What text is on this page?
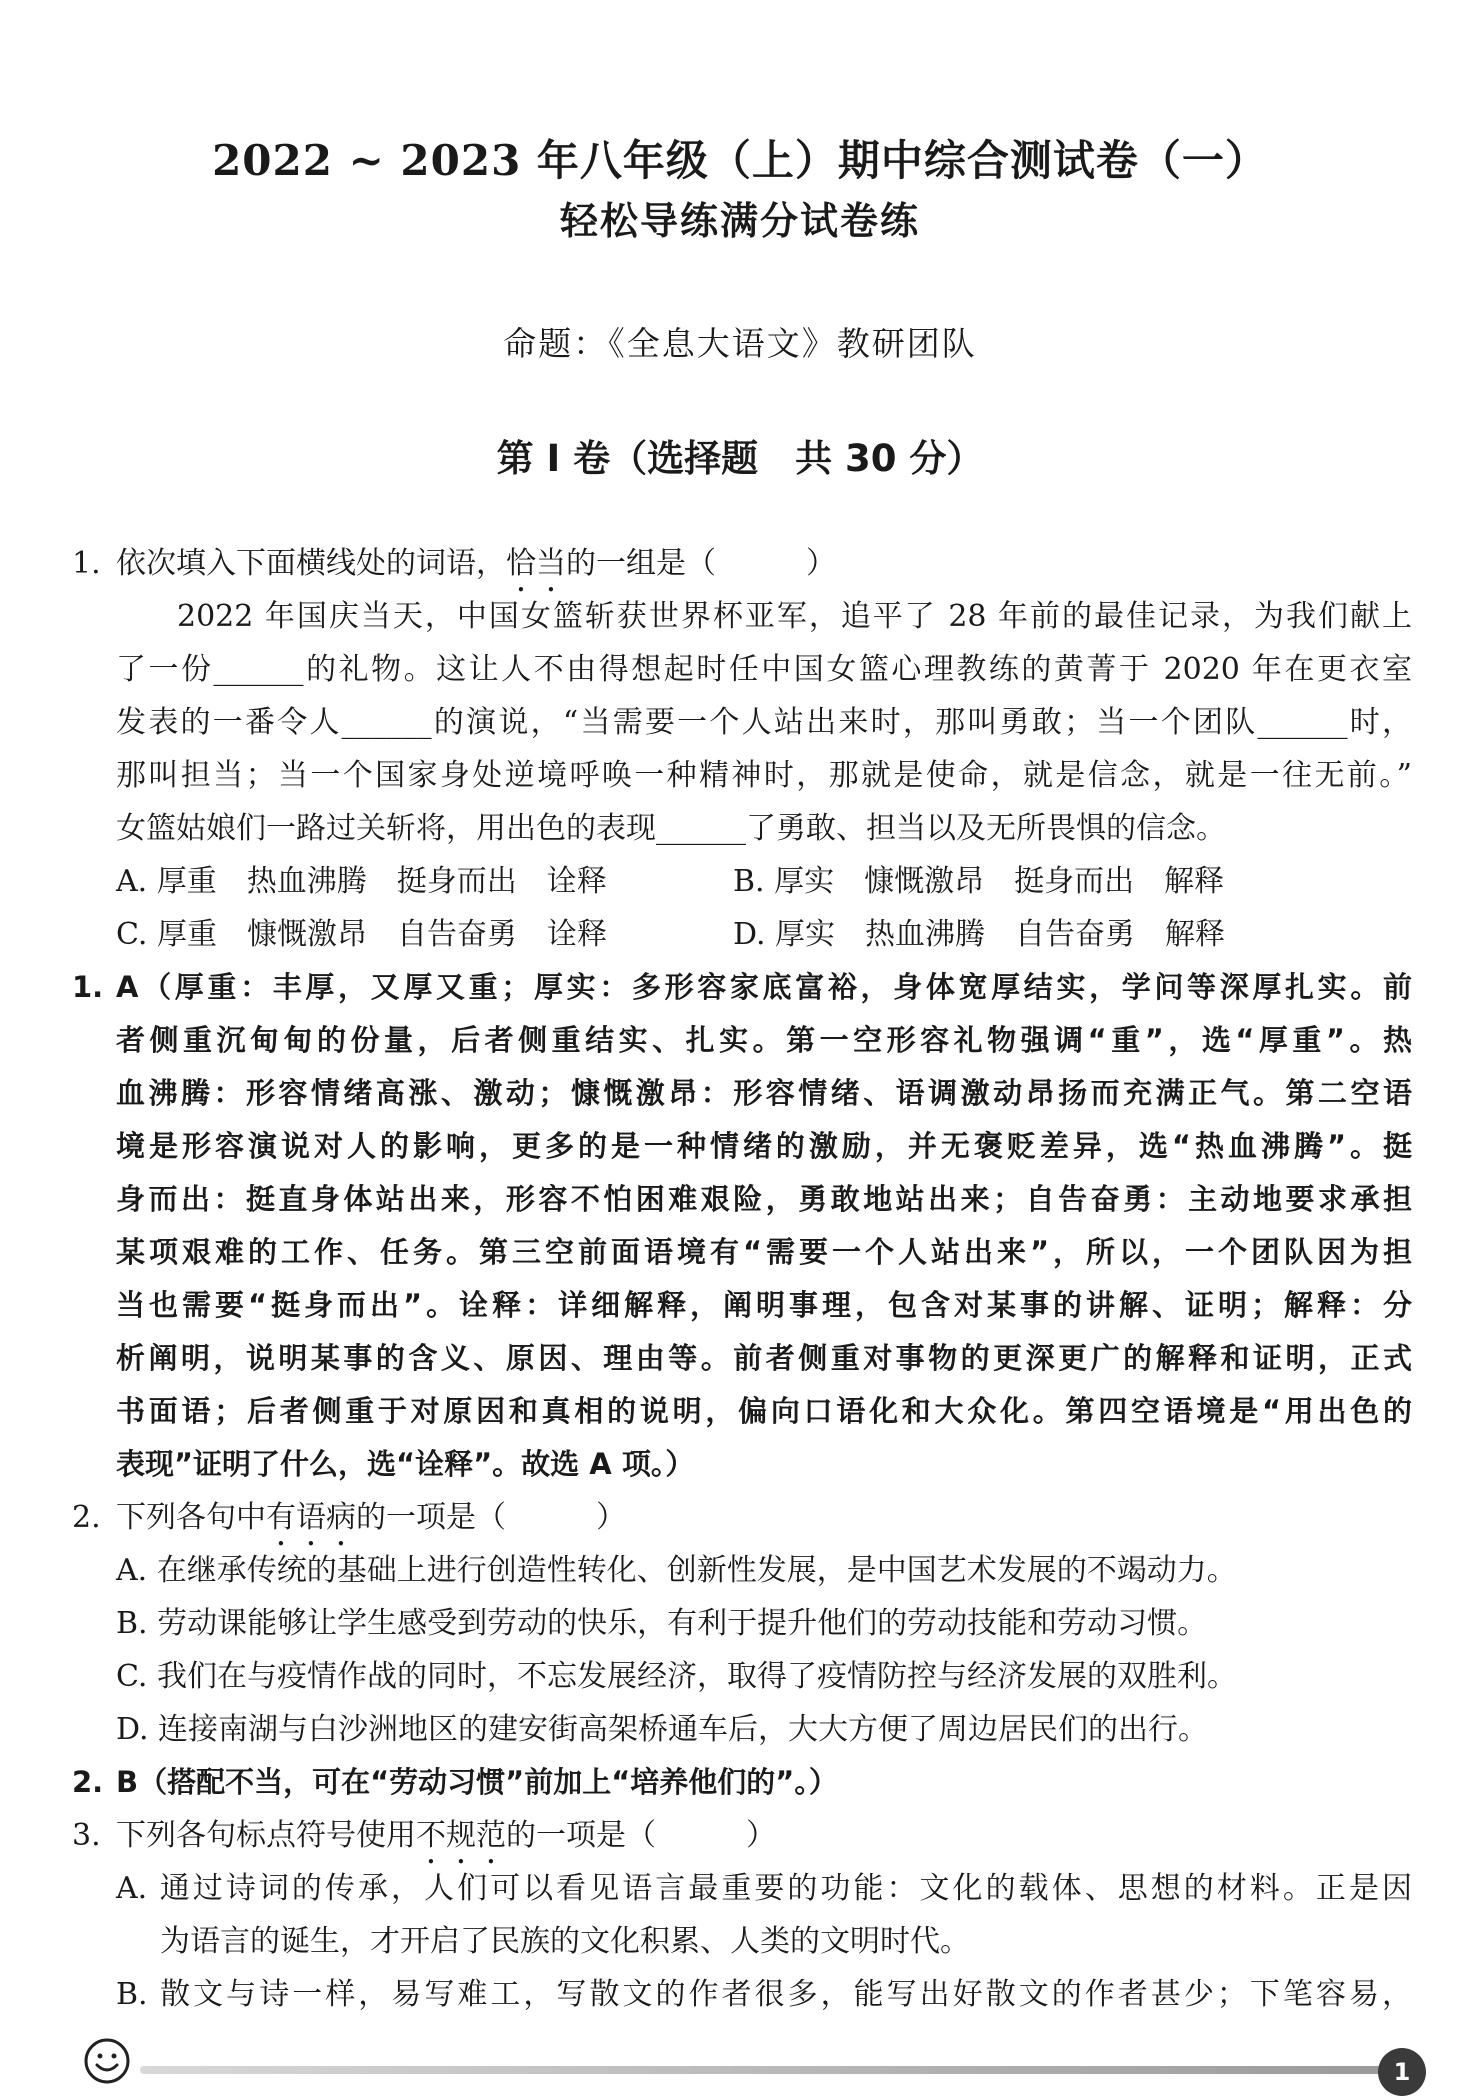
2022 ~ 2023 年八年级（上）期中综合测试卷（一）
轻松导练满分试卷练
命题：《全息大语文》教研团队
第 I 卷（选择题　共 30 分）
1. 依次填入下面横线处的词语，恰当的一组是（　　　）
2022 年国庆当天，中国女篮斩获世界杯亚军，追平了 28 年前的最佳记录，为我们献上
了一份______的礼物。这让人不由得想起时任中国女篮心理教练的黄菁于 2020 年在更衣室
发表的一番令人______的演说，“当需要一个人站出来时，那叫勇敢；当一个团队______时，
那叫担当；当一个国家身处逆境呼唤一种精神时，那就是使命，就是信念，就是一往无前。”
女篮姑娘们一路过关斩将，用出色的表现______了勇敢、担当以及无所畏惧的信念。
A. 厚重　热血沸腾　挺身而出　诠释	B. 厚实　慷慨激昂　挺身而出　解释
C. 厚重　慷慨激昂　自告奋勇　诠释	D. 厚实　热血沸腾　自告奋勇　解释
1. A（厚重：丰厚，又厚又重；厚实：多形容家底富裕，身体宽厚结实，学问等深厚扎实。前
者侧重沉甸甸的份量，后者侧重结实、扎实。第一空形容礼物强调“重”，选“厚重”。热
血沸腾：形容情绪高涨、激动；慷慨激昂：形容情绪、语调激动昂扬而充满正气。第二空语
境是形容演说对人的影响，更多的是一种情绪的激励，并无褒贬差异，选“热血沸腾”。挺
身而出：挺直身体站出来，形容不怕困难艰险，勇敢地站出来；自告奋勇：主动地要求承担
某项艰难的工作、任务。第三空前面语境有“需要一个人站出来”，所以，一个团队因为担
当也需要“挺身而出”。诠释：详细解释，阐明事理，包含对某事的讲解、证明；解释：分
析阐明，说明某事的含义、原因、理由等。前者侧重对事物的更深更广的解释和证明，正式
书面语；后者侧重于对原因和真相的说明，偏向口语化和大众化。第四空语境是“用出色的
表现”证明了什么，选“诠释”。故选 A 项。）
2. 下列各句中有语病的一项是（　　　）
A. 在继承传统的基础上进行创造性转化、创新性发展，是中国艺术发展的不竭动力。
B. 劳动课能够让学生感受到劳动的快乐，有利于提升他们的劳动技能和劳动习惯。
C. 我们在与疫情作战的同时，不忘发展经济，取得了疫情防控与经济发展的双胜利。
D. 连接南湖与白沙洲地区的建安街高架桥通车后，大大方便了周边居民们的出行。
2. B（搭配不当，可在“劳动习惯”前加上“培养他们的”。）
3. 下列各句标点符号使用不规范的一项是（　　　）
A. 通过诗词的传承，人们可以看见语言最重要的功能：文化的载体、思想的材料。正是因
为语言的诞生，才开启了民族的文化积累、人类的文明时代。
B. 散文与诗一样，易写难工，写散文的作者很多，能写出好散文的作者甚少；下笔容易，
1
